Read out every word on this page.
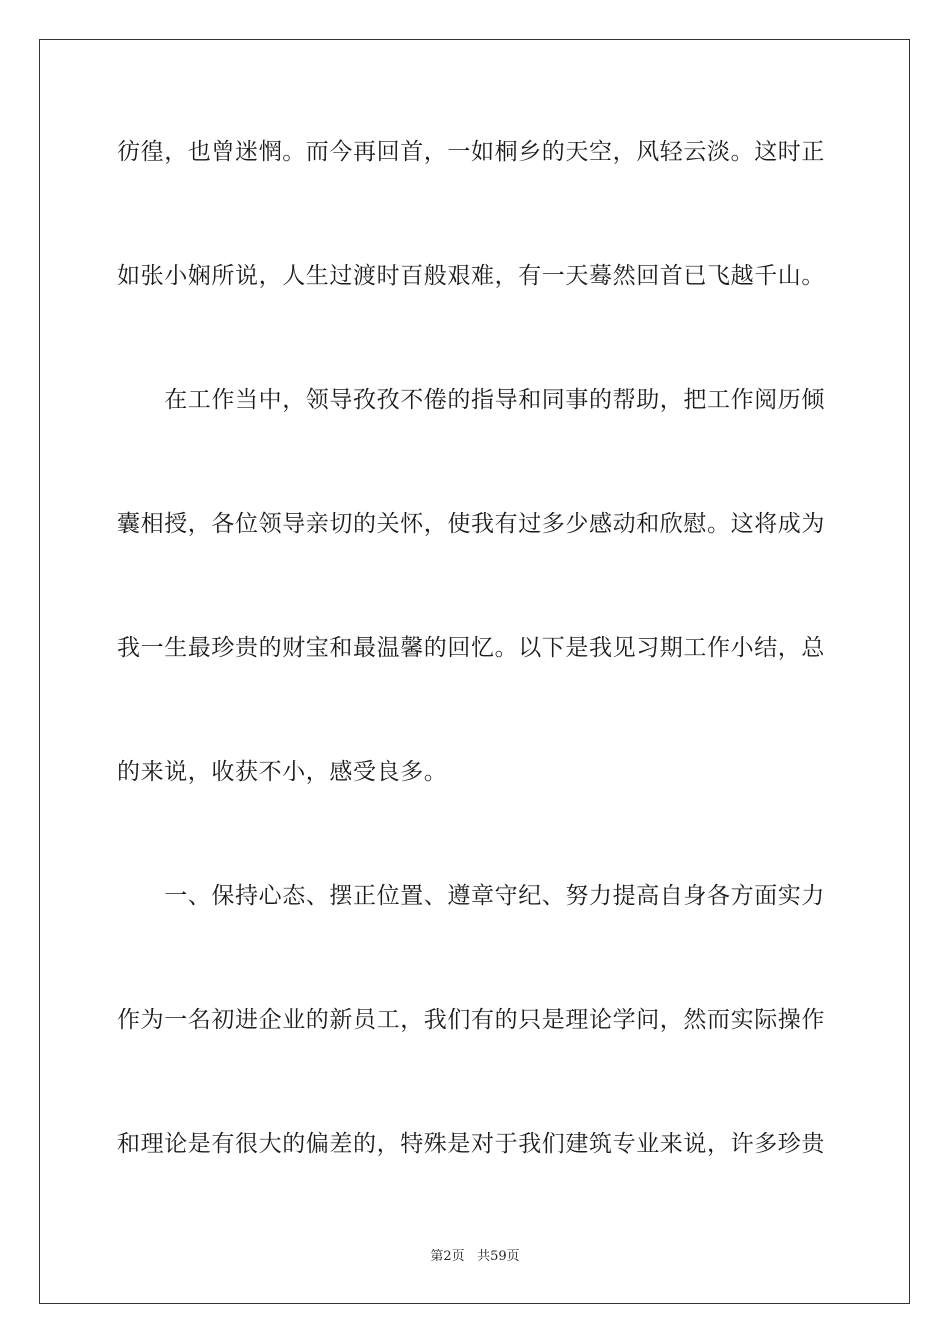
彷徨，也曾迷惘。而今再回首，一如桐乡的天空，风轻云淡。这时正
如张小娴所说，人生过渡时百般艰难，有一天蓦然回首已飞越千山。
　　在工作当中，领导孜孜不倦的指导和同事的帮助，把工作阅历倾
囊相授，各位领导亲切的关怀，使我有过多少感动和欣慰。这将成为
我一生最珍贵的财宝和最温馨的回忆。以下是我见习期工作小结，总
的来说，收获不小，感受良多。
　　一、保持心态、摆正位置、遵章守纪、努力提高自身各方面实力
作为一名初进企业的新员工，我们有的只是理论学问，然而实际操作
和理论是有很大的偏差的，特殊是对于我们建筑专业来说，许多珍贵
第2页 共59页
